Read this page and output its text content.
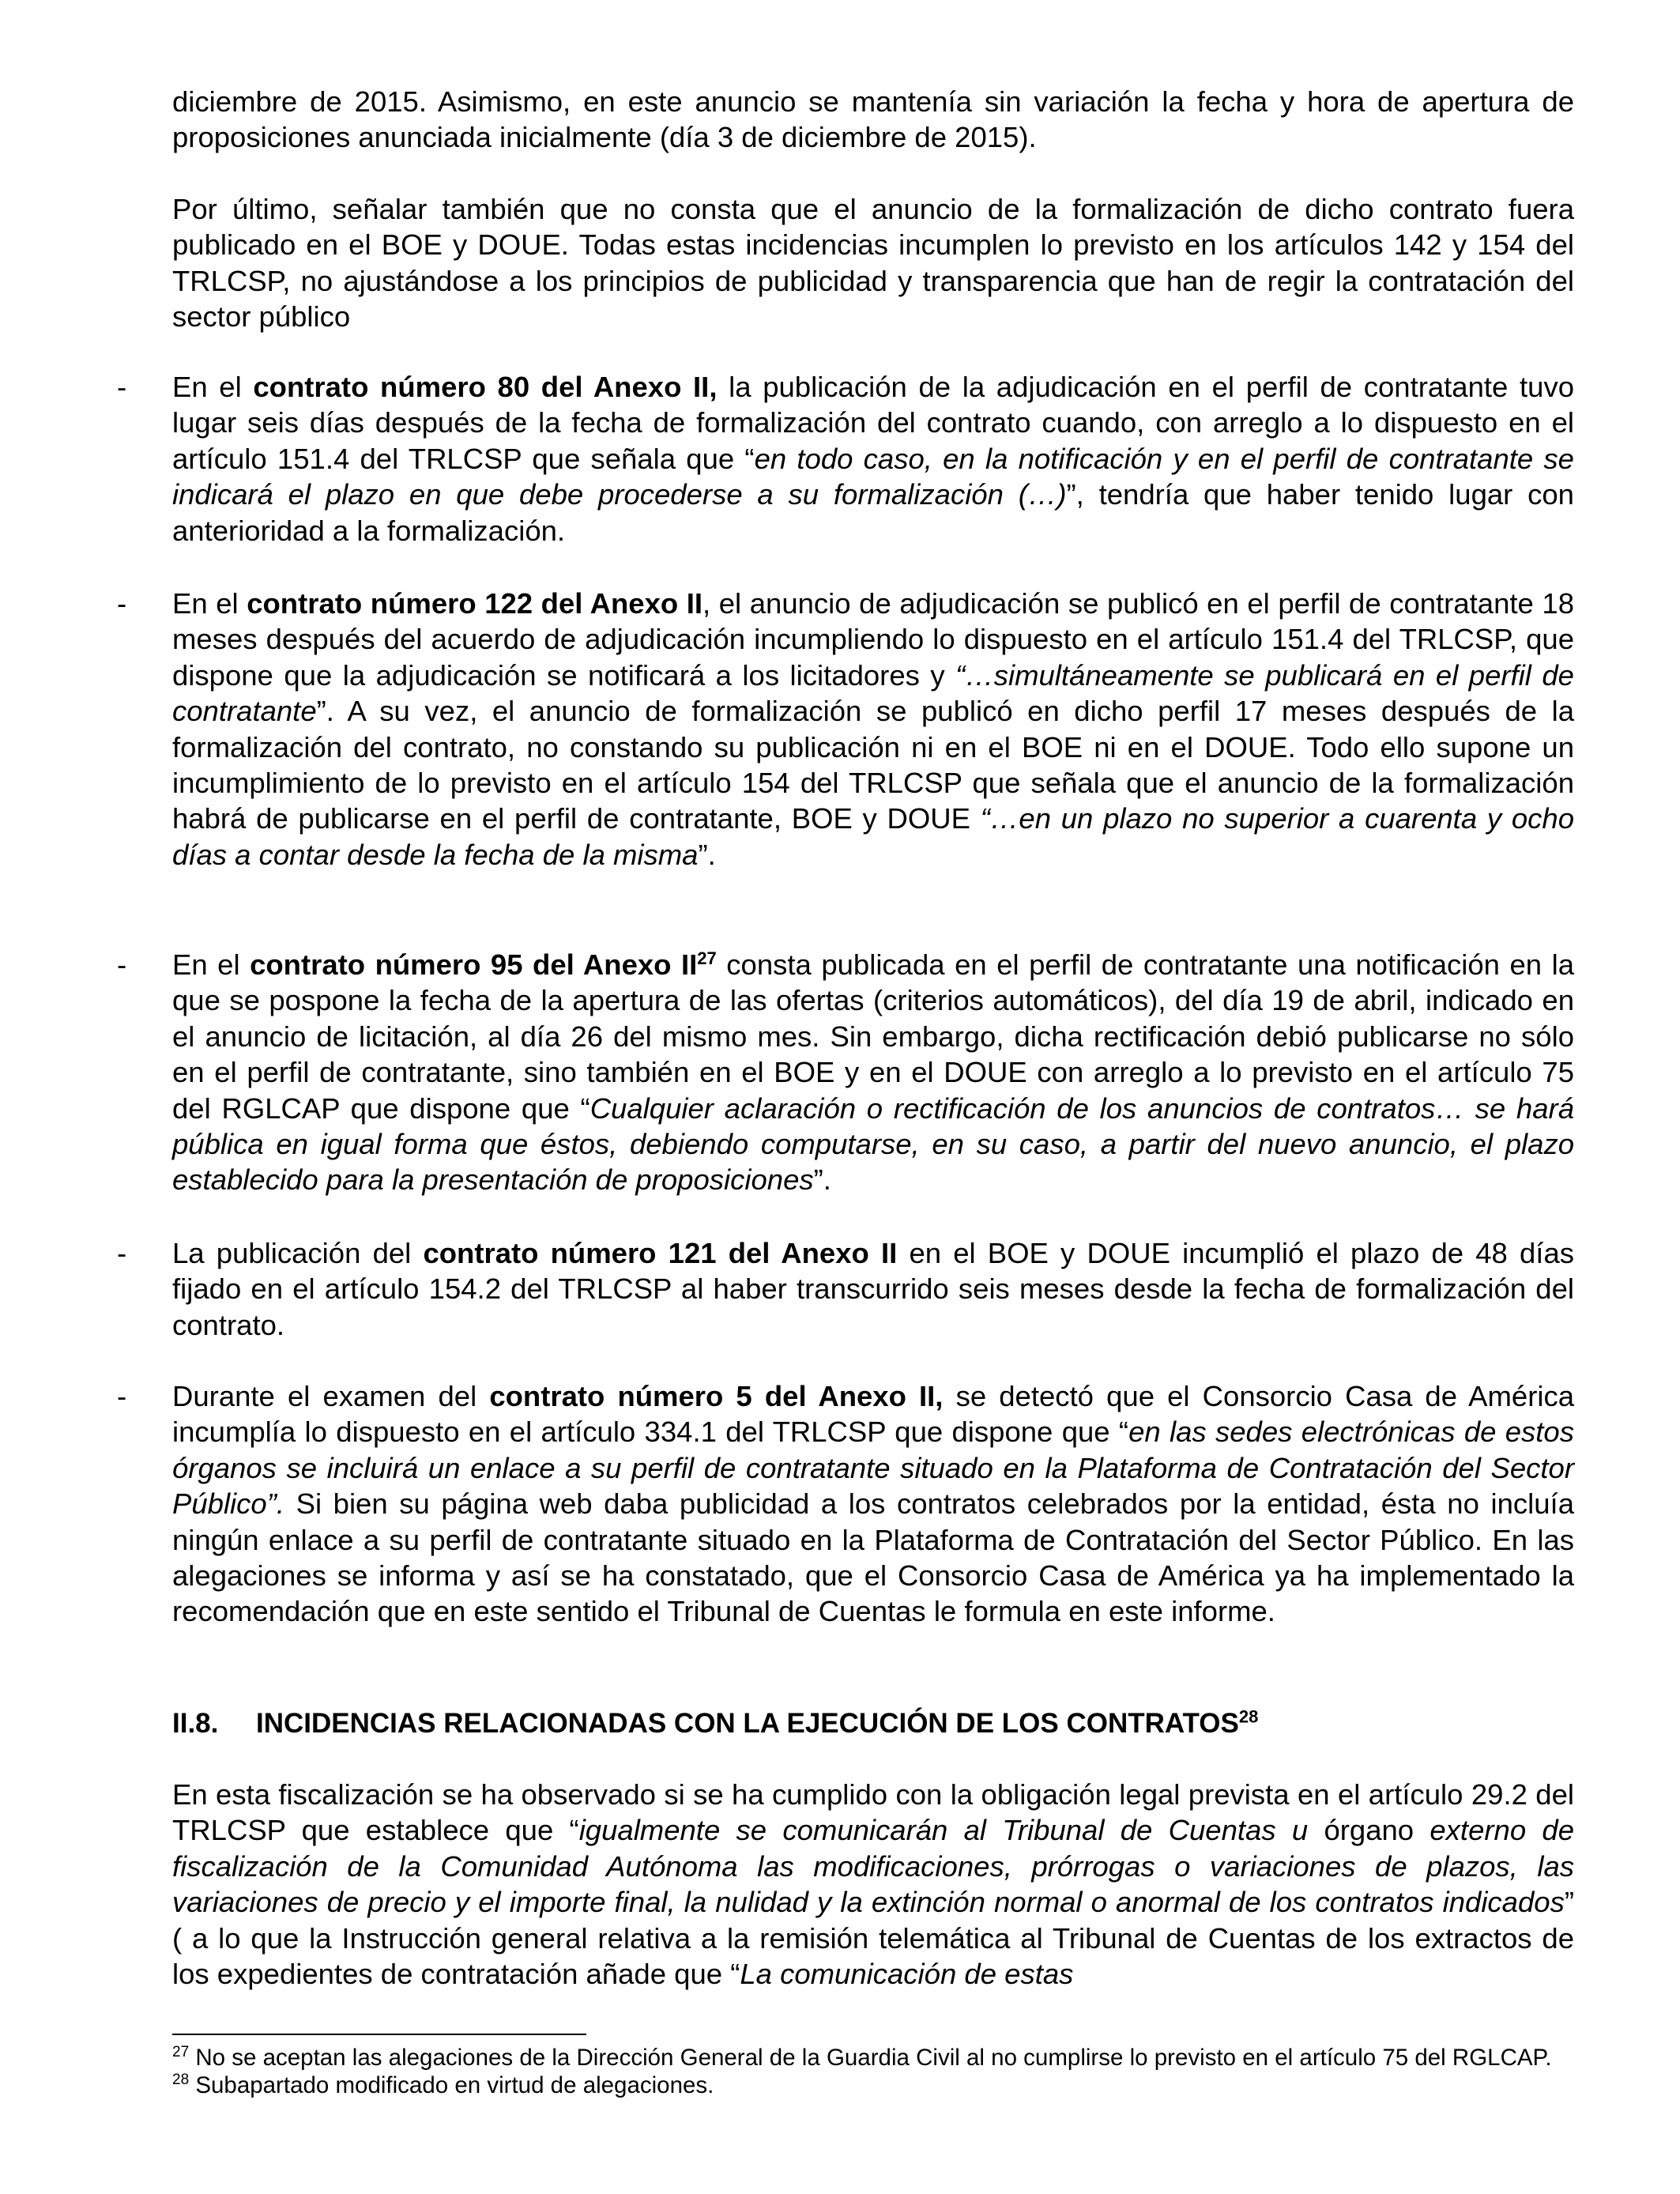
diciembre de 2015. Asimismo, en este anuncio se mantenía sin variación la fecha y hora de apertura de proposiciones anunciada inicialmente (día 3 de diciembre de 2015).

Por último, señalar también que no consta que el anuncio de la formalización de dicho contrato fuera publicado en el BOE y DOUE. Todas estas incidencias incumplen lo previsto en los artículos 142 y 154 del TRLCSP, no ajustándose a los principios de publicidad y transparencia que han de regir la contratación del sector público

- En el contrato número 80 del Anexo II, la publicación de la adjudicación en el perfil de contratante tuvo lugar seis días después de la fecha de formalización del contrato cuando, con arreglo a lo dispuesto en el artículo 151.4 del TRLCSP que señala que “en todo caso, en la notificación y en el perfil de contratante se indicará el plazo en que debe procederse a su formalización (…)”, tendría que haber tenido lugar con anterioridad a la formalización.

- En el contrato número 122 del Anexo II, el anuncio de adjudicación se publicó en el perfil de contratante 18 meses después del acuerdo de adjudicación incumpliendo lo dispuesto en el artículo 151.4 del TRLCSP, que dispone que la adjudicación se notificará a los licitadores y “…simultáneamente se publicará en el perfil de contratante”. A su vez, el anuncio de formalización se publicó en dicho perfil 17 meses después de la formalización del contrato, no constando su publicación ni en el BOE ni en el DOUE. Todo ello supone un incumplimiento de lo previsto en el artículo 154 del TRLCSP que señala que el anuncio de la formalización habrá de publicarse en el perfil de contratante, BOE y DOUE “…en un plazo no superior a cuarenta y ocho días a contar desde la fecha de la misma”.

- En el contrato número 95 del Anexo II$^{27}$ consta publicada en el perfil de contratante una notificación en la que se pospone la fecha de la apertura de las ofertas (criterios automáticos), del día 19 de abril, indicado en el anuncio de licitación, al día 26 del mismo mes. Sin embargo, dicha rectificación debió publicarse no sólo en el perfil de contratante, sino también en el BOE y en el DOUE con arreglo a lo previsto en el artículo 75 del RGLCAP que dispone que “Cualquier aclaración o rectificación de los anuncios de contratos… se hará pública en igual forma que éstos, debiendo computarse, en su caso, a partir del nuevo anuncio, el plazo establecido para la presentación de proposiciones”.

- La publicación del contrato número 121 del Anexo II en el BOE y DOUE incumplió el plazo de 48 días fijado en el artículo 154.2 del TRLCSP al haber transcurrido seis meses desde la fecha de formalización del contrato.

- Durante el examen del contrato número 5 del Anexo II, se detectó que el Consorcio Casa de América incumplía lo dispuesto en el artículo 334.1 del TRLCSP que dispone que “en las sedes electrónicas de estos órganos se incluirá un enlace a su perfil de contratante situado en la Plataforma de Contratación del Sector Público”. Si bien su página web daba publicidad a los contratos celebrados por la entidad, ésta no incluía ningún enlace a su perfil de contratante situado en la Plataforma de Contratación del Sector Público. En las alegaciones se informa y así se ha constatado, que el Consorcio Casa de América ya ha implementado la recomendación que en este sentido el Tribunal de Cuentas le formula en este informe.

II.8. INCIDENCIAS RELACIONADAS CON LA EJECUCIÓN DE LOS CONTRATOS$^{28}$

En esta fiscalización se ha observado si se ha cumplido con la obligación legal prevista en el artículo 29.2 del TRLCSP que establece que “igualmente se comunicarán al Tribunal de Cuentas u órgano externo de fiscalización de la Comunidad Autónoma las modificaciones, prórrogas o variaciones de plazos, las variaciones de precio y el importe final, la nulidad y la extinción normal o anormal de los contratos indicados” ( a lo que la Instrucción general relativa a la remisión telemática al Tribunal de Cuentas de los extractos de los expedientes de contratación añade que “La comunicación de estas

$^{27}$ No se aceptan las alegaciones de la Dirección General de la Guardia Civil al no cumplirse lo previsto en el artículo 75 del RGLCAP.

$^{28}$ Subapartado modificado en virtud de alegaciones.
